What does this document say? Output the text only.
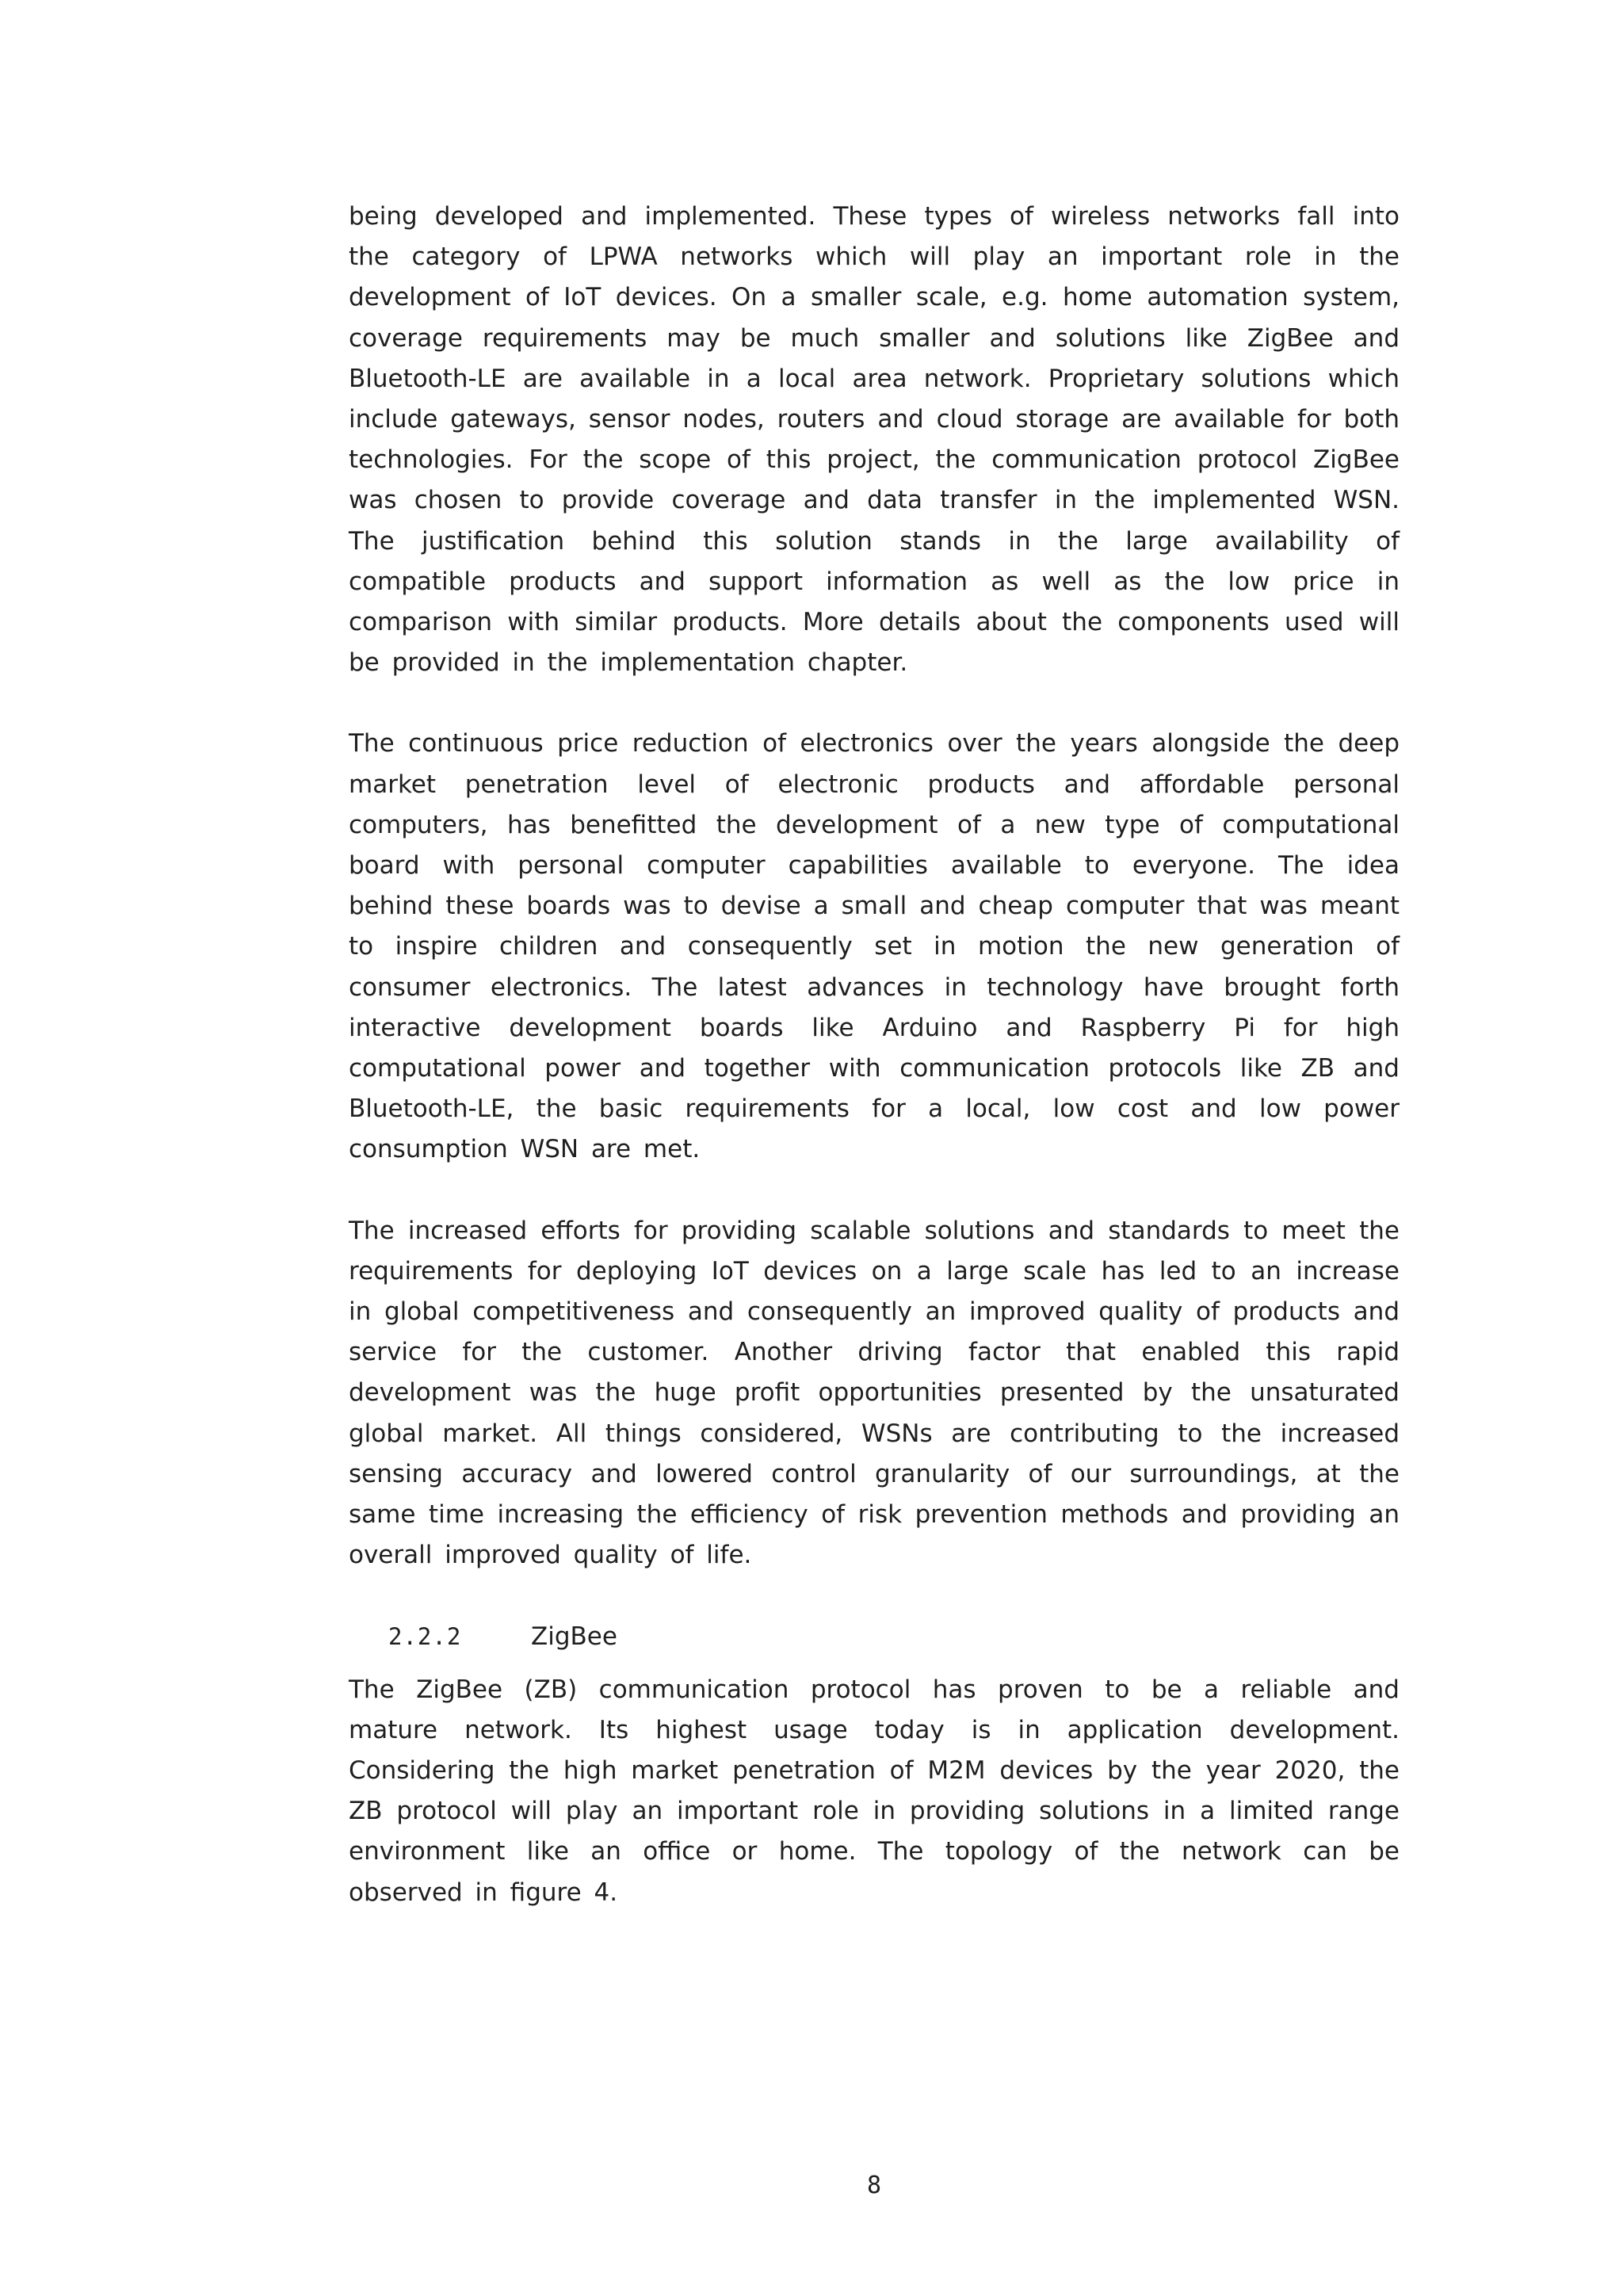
being developed and implemented. These types of wireless networks fall into the category of LPWA networks which will play an important role in the development of IoT devices. On a smaller scale, e.g. home automation system, coverage requirements may be much smaller and solutions like ZigBee and Bluetooth-LE are available in a local area network. Proprietary solutions which include gateways, sensor nodes, routers and cloud storage are available for both technologies. For the scope of this project, the communication protocol ZigBee was chosen to provide coverage and data transfer in the implemented WSN. The justification behind this solution stands in the large availability of compatible products and support information as well as the low price in comparison with similar products. More details about the components used will be provided in the implementation chapter.

The continuous price reduction of electronics over the years alongside the deep market penetration level of electronic products and affordable personal computers, has benefitted the development of a new type of computational board with personal computer capabilities available to everyone. The idea behind these boards was to devise a small and cheap computer that was meant to inspire children and consequently set in motion the new generation of consumer electronics. The latest advances in technology have brought forth interactive development boards like Arduino and Raspberry Pi for high computational power and together with communication protocols like ZB and Bluetooth-LE, the basic requirements for a local, low cost and low power consumption WSN are met.

The increased efforts for providing scalable solutions and standards to meet the requirements for deploying IoT devices on a large scale has led to an increase in global competitiveness and consequently an improved quality of products and service for the customer. Another driving factor that enabled this rapid development was the huge profit opportunities presented by the unsaturated global market. All things considered, WSNs are contributing to the increased sensing accuracy and lowered control granularity of our surroundings, at the same time increasing the efficiency of risk prevention methods and providing an overall improved quality of life.

2.2.2	ZigBee

The ZigBee (ZB) communication protocol has proven to be a reliable and mature network. Its highest usage today is in application development. Considering the high market penetration of M2M devices by the year 2020, the ZB protocol will play an important role in providing solutions in a limited range environment like an office or home. The topology of the network can be observed in figure 4.

8
